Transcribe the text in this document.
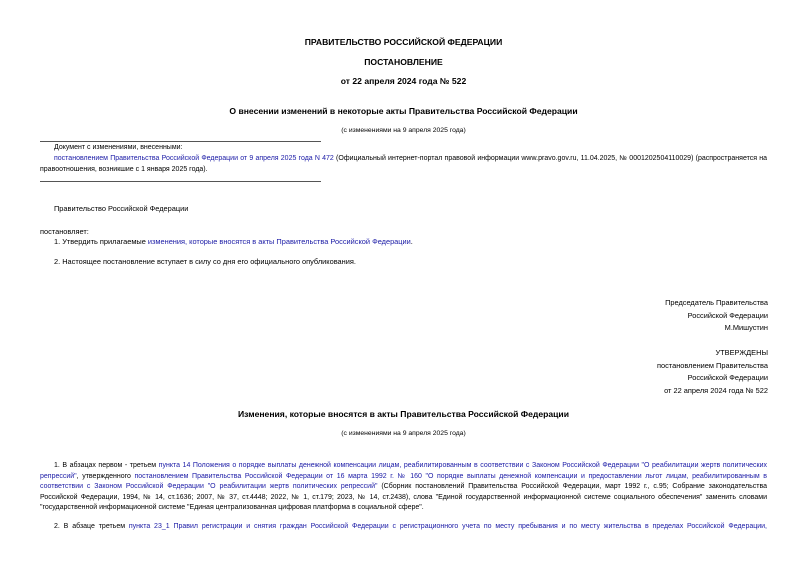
ПРАВИТЕЛЬСТВО РОССИЙСКОЙ ФЕДЕРАЦИИ
ПОСТАНОВЛЕНИЕ
от 22 апреля 2024 года № 522
О внесении изменений в некоторые акты Правительства Российской Федерации
(с изменениями на 9 апреля 2025 года)
Документ с изменениями, внесенными:
постановлением Правительства Российской Федерации от 9 апреля 2025 года N 472 (Официальный интернет-портал правовой информации www.pravo.gov.ru, 11.04.2025, № 0001202504110029) (распространяется на правоотношения, возникшие с 1 января 2025 года).
Правительство Российской Федерации
постановляет:
1. Утвердить прилагаемые изменения, которые вносятся в акты Правительства Российской Федерации.
2. Настоящее постановление вступает в силу со дня его официального опубликования.
Председатель Правительства
Российской Федерации
М.Мишустин
УТВЕРЖДЕНЫ
постановлением Правительства
Российской Федерации
от 22 апреля 2024 года № 522
Изменения, которые вносятся в акты Правительства Российской Федерации
(с изменениями на 9 апреля 2025 года)
1. В абзацах первом - третьем пункта 14 Положения о порядке выплаты денежной компенсации лицам, реабилитированным в соответствии с Законом Российской Федерации "О реабилитации жертв политических репрессий", утвержденного постановлением Правительства Российской Федерации от 16 марта 1992 г. № 160 "О порядке выплаты денежной компенсации и предоставлении льгот лицам, реабилитированным в соответствии с Законом Российской Федерации "О реабилитации жертв политических репрессий" (Сборник постановлений Правительства Российской Федерации, март 1992 г., с.95; Собрание законодательства Российской Федерации, 1994, № 14, ст.1636; 2007, № 37, ст.4448; 2022, № 1, ст.179; 2023, № 14, ст.2438), слова "Единой государственной информационной системе социального обеспечения" заменить словами "государственной информационной системе "Единая централизованная цифровая платформа в социальной сфере".
2. В абзаце третьем пункта 23_1 Правил регистрации и снятия граждан Российской Федерации с регистрационного учета по месту пребывания и по месту жительства в пределах Российской Федерации,
